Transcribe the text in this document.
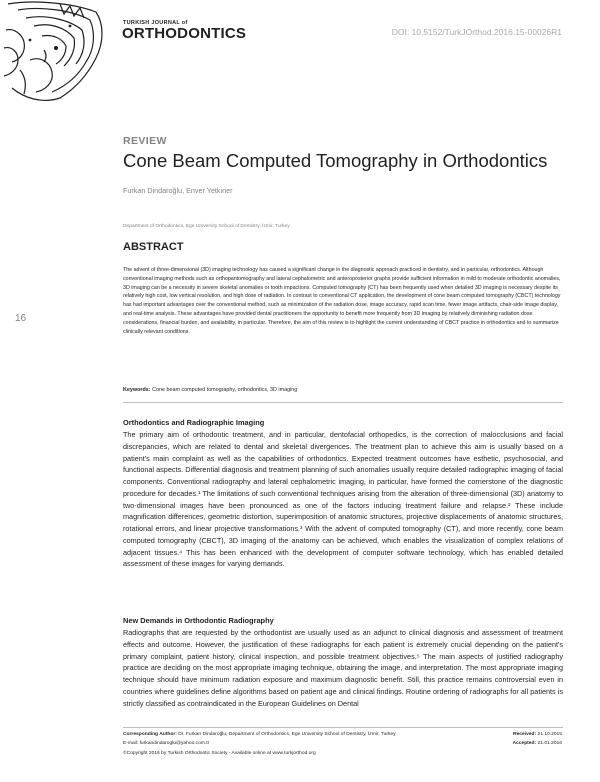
TURKISH JOURNAL of
ORTHODONTICS	DOI: 10.5152/TurkJOrthod.2016.15-00026R1
16
REVIEW
Cone Beam Computed Tomography in Orthodontics
Furkan Dindaroğlu, Enver Yetkiner
Department of Orthodontics, Ege University School of Dentistry, İzmir, Turkey
ABSTRACT
The advent of three-dimensional (3D) imaging technology has caused a significant change in the diagnostic approach practiced in dentistry, and in particular, orthodontics. Although conventional imaging methods such as orthopantomography and lateral cephalometric and anteroposterior graphs provide sufficient information in mild to moderate orthodontic anomalies, 3D imaging can be a necessity in severe skeletal anomalies or tooth impactions. Computed tomography (CT) has been frequently used when detailed 3D imaging is necessary despite its relatively high cost, low vertical resolution, and high dose of radiation. In contrast to conventional CT application, the development of cone beam computed tomography (CBCT) technology has had important advantages over the conventional method, such as minimization of the radiation dose, image accuracy, rapid scan time, fewer image artifacts, chair-side image display, and real-time analysis. These advantages have provided dental practitioners the opportunity to benefit more frequently from 3D imaging by relatively diminishing radiation dose considerations, financial burden, and availability, in particular. Therefore, the aim of this review is to highlight the current understanding of CBCT practice in orthodontics and to summarize clinically relevant conditions.
Keywords: Cone beam computed tomography, orthodontics, 3D imaging
Orthodontics and Radiographic Imaging
The primary aim of orthodontic treatment, and in particular, dentofacial orthopedics, is the correction of malocclusions and facial discrepancies, which are related to dental and skeletal divergences. The treatment plan to achieve this aim is usually based on a patient's main complaint as well as the capabilities of orthodontics. Expected treatment outcomes have esthetic, psychosocial, and functional aspects. Differential diagnosis and treatment planning of such anomalies usually require detailed radiographic imaging of facial components. Conventional radiography and lateral cephalometric imaging, in particular, have formed the cornerstone of the diagnostic procedure for decades.¹ The limitations of such conventional techniques arising from the alteration of three-dimensional (3D) anatomy to two-dimensional images have been pronounced as one of the factors inducing treatment failure and relapse.² These include magnification differences, geometric distortion, superimposition of anatomic structures, projective displacements of anatomic structures, rotational errors, and linear projective transformations.³ With the advent of computed tomography (CT), and more recently, cone beam computed tomography (CBCT), 3D imaging of the anatomy can be achieved, which enables the visualization of complex relations of adjacent tissues.⁴ This has been enhanced with the development of computer software technology, which has enabled detailed assessment of these images for varying demands.
New Demands in Orthodontic Radiography
Radiographs that are requested by the orthodontist are usually used as an adjunct to clinical diagnosis and assessment of treatment effects and outcome. However, the justification of these radiographs for each patient is extremely crucial depending on the patient's primary complaint, patient history, clinical inspection, and possible treatment objectives.⁵ The main aspects of justified radiography practice are deciding on the most appropriate imaging technique, obtaining the image, and interpretation. The most appropriate imaging technique should have minimum radiation exposure and maximum diagnostic benefit. Still, this practice remains controversial even in countries where guidelines define algorithms based on patient age and clinical findings. Routine ordering of radiographs for all patients is strictly classified as contraindicated in the European Guidelines on Dental
Corresponding Author: Dr. Furkan Dindaroğlu, Department of Orthodontics, Ege University School of Dentistry, İzmir, Turkey
E-mail: furkandindaroglu@yahoo.com.tr
©Copyright 2016 by Turkish Orthodontic Society - Available online at www.turkjorthod.org
Received: 21.10.2015
Accepted: 21.01.2016
